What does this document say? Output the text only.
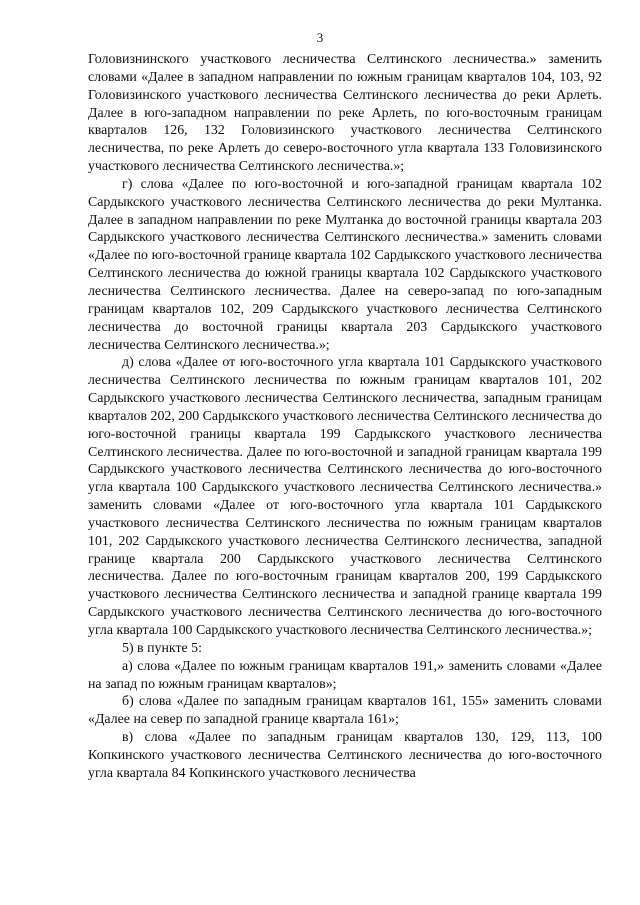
3

Головизнинского участкового лесничества Селтинского лесничества.» заменить словами «Далее в западном направлении по южным границам кварталов 104, 103, 92 Головизинского участкового лесничества Селтинского лесничества до реки Арлеть. Далее в юго-западном направлении по реке Арлеть, по юго-восточным границам кварталов 126, 132 Головизинского участкового лесничества Селтинского лесничества, по реке Арлеть до северо-восточного угла квартала 133 Головизинского участкового лесничества Селтинского лесничества.»;

г) слова «Далее по юго-восточной и юго-западной границам квартала 102 Сардыкского участкового лесничества Селтинского лесничества до реки Мултанка. Далее в западном направлении по реке Мултанка до восточной границы квартала 203 Сардыкского участкового лесничества Селтинского лесничества.» заменить словами «Далее по юго-восточной границе квартала 102 Сардыкского участкового лесничества Селтинского лесничества до южной границы квартала 102 Сардыкского участкового лесничества Селтинского лесничества. Далее на северо-запад по юго-западным границам кварталов 102, 209 Сардыкского участкового лесничества Селтинского лесничества до восточной границы квартала 203 Сардыкского участкового лесничества Селтинского лесничества.»;

д) слова «Далее от юго-восточного угла квартала 101 Сардыкского участкового лесничества Селтинского лесничества по южным границам кварталов 101, 202 Сардыкского участкового лесничества Селтинского лесничества, западным границам кварталов 202, 200 Сардыкского участкового лесничества Селтинского лесничества до юго-восточной границы квартала 199 Сардыкского участкового лесничества Селтинского лесничества. Далее по юго-восточной и западной границам квартала 199 Сардыкского участкового лесничества Селтинского лесничества до юго-восточного угла квартала 100 Сардыкского участкового лесничества Селтинского лесничества.» заменить словами «Далее от юго-восточного угла квартала 101 Сардыкского участкового лесничества Селтинского лесничества по южным границам кварталов 101, 202 Сардыкского участкового лесничества Селтинского лесничества, западной границе квартала 200 Сардыкского участкового лесничества Селтинского лесничества. Далее по юго-восточным границам кварталов 200, 199 Сардыкского участкового лесничества Селтинского лесничества и западной границе квартала 199 Сардыкского участкового лесничества Селтинского лесничества до юго-восточного угла квартала 100 Сардыкского участкового лесничества Селтинского лесничества.»;

5) в пункте 5:

а) слова «Далее по южным границам кварталов 191,» заменить словами «Далее на запад по южным границам кварталов»;

б) слова «Далее по западным границам кварталов 161, 155» заменить словами «Далее на север по западной границе квартала 161»;

в) слова «Далее по западным границам кварталов 130, 129, 113, 100 Копкинского участкового лесничества Селтинского лесничества до юго-восточного угла квартала 84 Копкинского участкового лесничества
